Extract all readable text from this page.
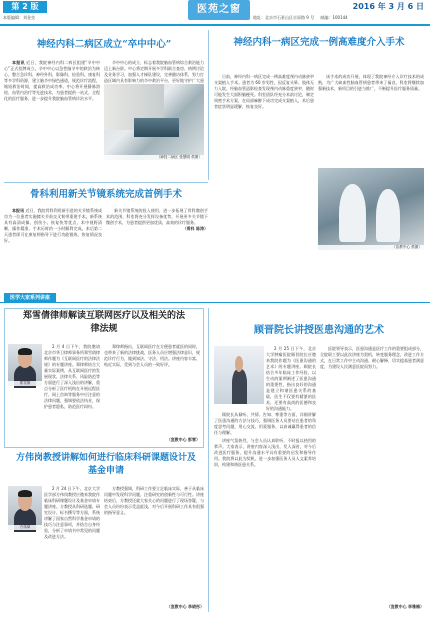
第 2 版
本版编辑：刘金良
医苑之窗	2016 年 3 月 6 日
地址：北京市石景山区京原路 9 号 邮编：100144
神经内科二病区成立“卒中中心”

本报讯 近日，我院神经内科二病区组建“卒中中心”正式挂牌成立。卒中中心以急性脑卒中的救治为核心，整合急诊科、神经外科、影像科、检验科、康复科等多学科资源，建立脑卒中绿色通道，规范诊疗流程，缩短救治时间，提高救治成功率。中心将开展静脉溶栓、血管内治疗等先进技术，为患者提供一站式、全程化的医疗服务，进一步提升我院脑血管病诊治水平。

卒中中心的成立，标志着我院脑血管病综合救治能力迈上新台阶。中心将定期开展多学科联合查房、病例讨论及业务学习，加强人才梯队建设，完善随访体系，努力打造区域内具有影响力的卒中救治平台，更好地守护广大患

（神经二病区 张慧明 供图）
神经内科一病区完成一例高难度介入手术

日前，神经内科一病区完成一例高难度颅内动脉狭窄支架植入手术。患者为 60 岁男性，因反复头晕、肢体无力入院，经脑血管造影检查发现颅内动脉重度狭窄，随时可能发生大面积脑梗死。科室团队经充分术前讨论，制定周密手术方案，在局部麻醉下成功完成支架植入，术后患者症状明显缓解，恢复良好。

该手术的成功开展，体现了我院神经介入诊疗技术的成熟，为广大缺血性脑血管病患者带来了福音。科室将继续加强新技术、新项目的引进与推广，不断提升医疗服务质量。

（宣教中心 供图）
骨科利用新关节镜系统完成首例手术

本报讯 近日，我院骨科利用新引进的关节镜系统成功为一位患者实施膝关节前交叉韧带重建手术。新系统具有高清成像、创伤小、恢复快等优点，术中视野清晰，操作精准，手术历时约一小时顺利完成。术后第二天患者即可在康复师指导下进行功能锻炼，恢复情况良好。

新关节镜系统的投入使用，进一步拓展了骨科微创手术的范围，科室将充分发挥设备优势，开展更多关节镜下微创手术，为患者提供更加优质、高效的诊疗服务。

（骨科 陈涛）
医学大家系列讲座
郑雪倩律师解读互联网医疗以及相关的法律法规
郑雪倩

2 月 4 日下午，我院邀请北京市华卫律师事务所郑雪倩律师作题为《互联网医疗的法律法规》的专题讲座。郑律师结合大量实际案例，从互联网医疗的发展现状、法律关系、风险防范等方面进行了深入浅出的讲解，重点分析了医疗机构在开展远程医疗、网上咨询等服务中应注意的法律问题，强调要依法执业，保护患者隐私，防范医疗纠纷。

郑律师指出，互联网医疗在方便患者就医的同时，也带来了新的法律挑战，医务人员应增强法律意识，规范诊疗行为，做到知法、守法、用法。讲座内容丰富、贴近实际，受到与会人员的一致好评。

（宣教中心 彭雪）
方伟岗教授讲解如何进行临床科研课题设计及基金申请
方伟岗

2 月 24 日下午，北京大学医学部方伟岗教授应邀来我院作临床科研课题设计及基金申请专题讲座。方教授从科研选题、研究设计、标书撰写等方面，系统讲解了国家自然科学基金申请的技巧与注意事项，并结合自身经验，分析了申请书中常见的问题及改进方法。

方教授强调，科研工作要立足临床实际，善于从临床问题中发现科学问题，注重研究的创新性与可行性。讲座结束后，方教授还就大家关心的问题进行了现场答疑，与会人员纷纷表示受益匪浅，对今后开展科研工作具有很强的指导意义。

（宣教中心 李晓彤）
顾晋院长讲授医患沟通的艺术

2 月 25 日下午，北京大学肿瘤医院顾晋院长应邀来我院作题为《医患沟通的艺术》的专题讲座。顾院长结合多年临床工作经验，以生动的案例阐述了医患沟通的重要性，指出良好的沟通是建立和谐医患关系的基础，医生不仅要有精湛的医术，还要有高尚的医德和良好的沟通能力。

顾院长从倾听、共情、告知、尊重等方面，详细讲解了医患沟通的方法与技巧，强调医务人员要站在患者的角度思考问题，用心交流，用爱服务，以真诚赢得患者的信任与理解。

讲座气氛热烈，与会人员认真聆听，不时报以热烈的掌声。大家表示，讲座内容深入浅出，发人深省，对今后改进医疗服务、提升沟通水平具有重要的启发和指导作用。我院将以此为契机，进一步加强医务人员人文素养培训，构建和谐医患关系。

医院领导表示，医患沟通是医疗工作的重要组成部分，全院职工要以此次讲座为契机，转变服务理念，改进工作方式，在日常工作中主动沟通、耐心解释，切实提高患者满意度，为建设人民满意医院而努力。

（宣教中心 李雅楠）
